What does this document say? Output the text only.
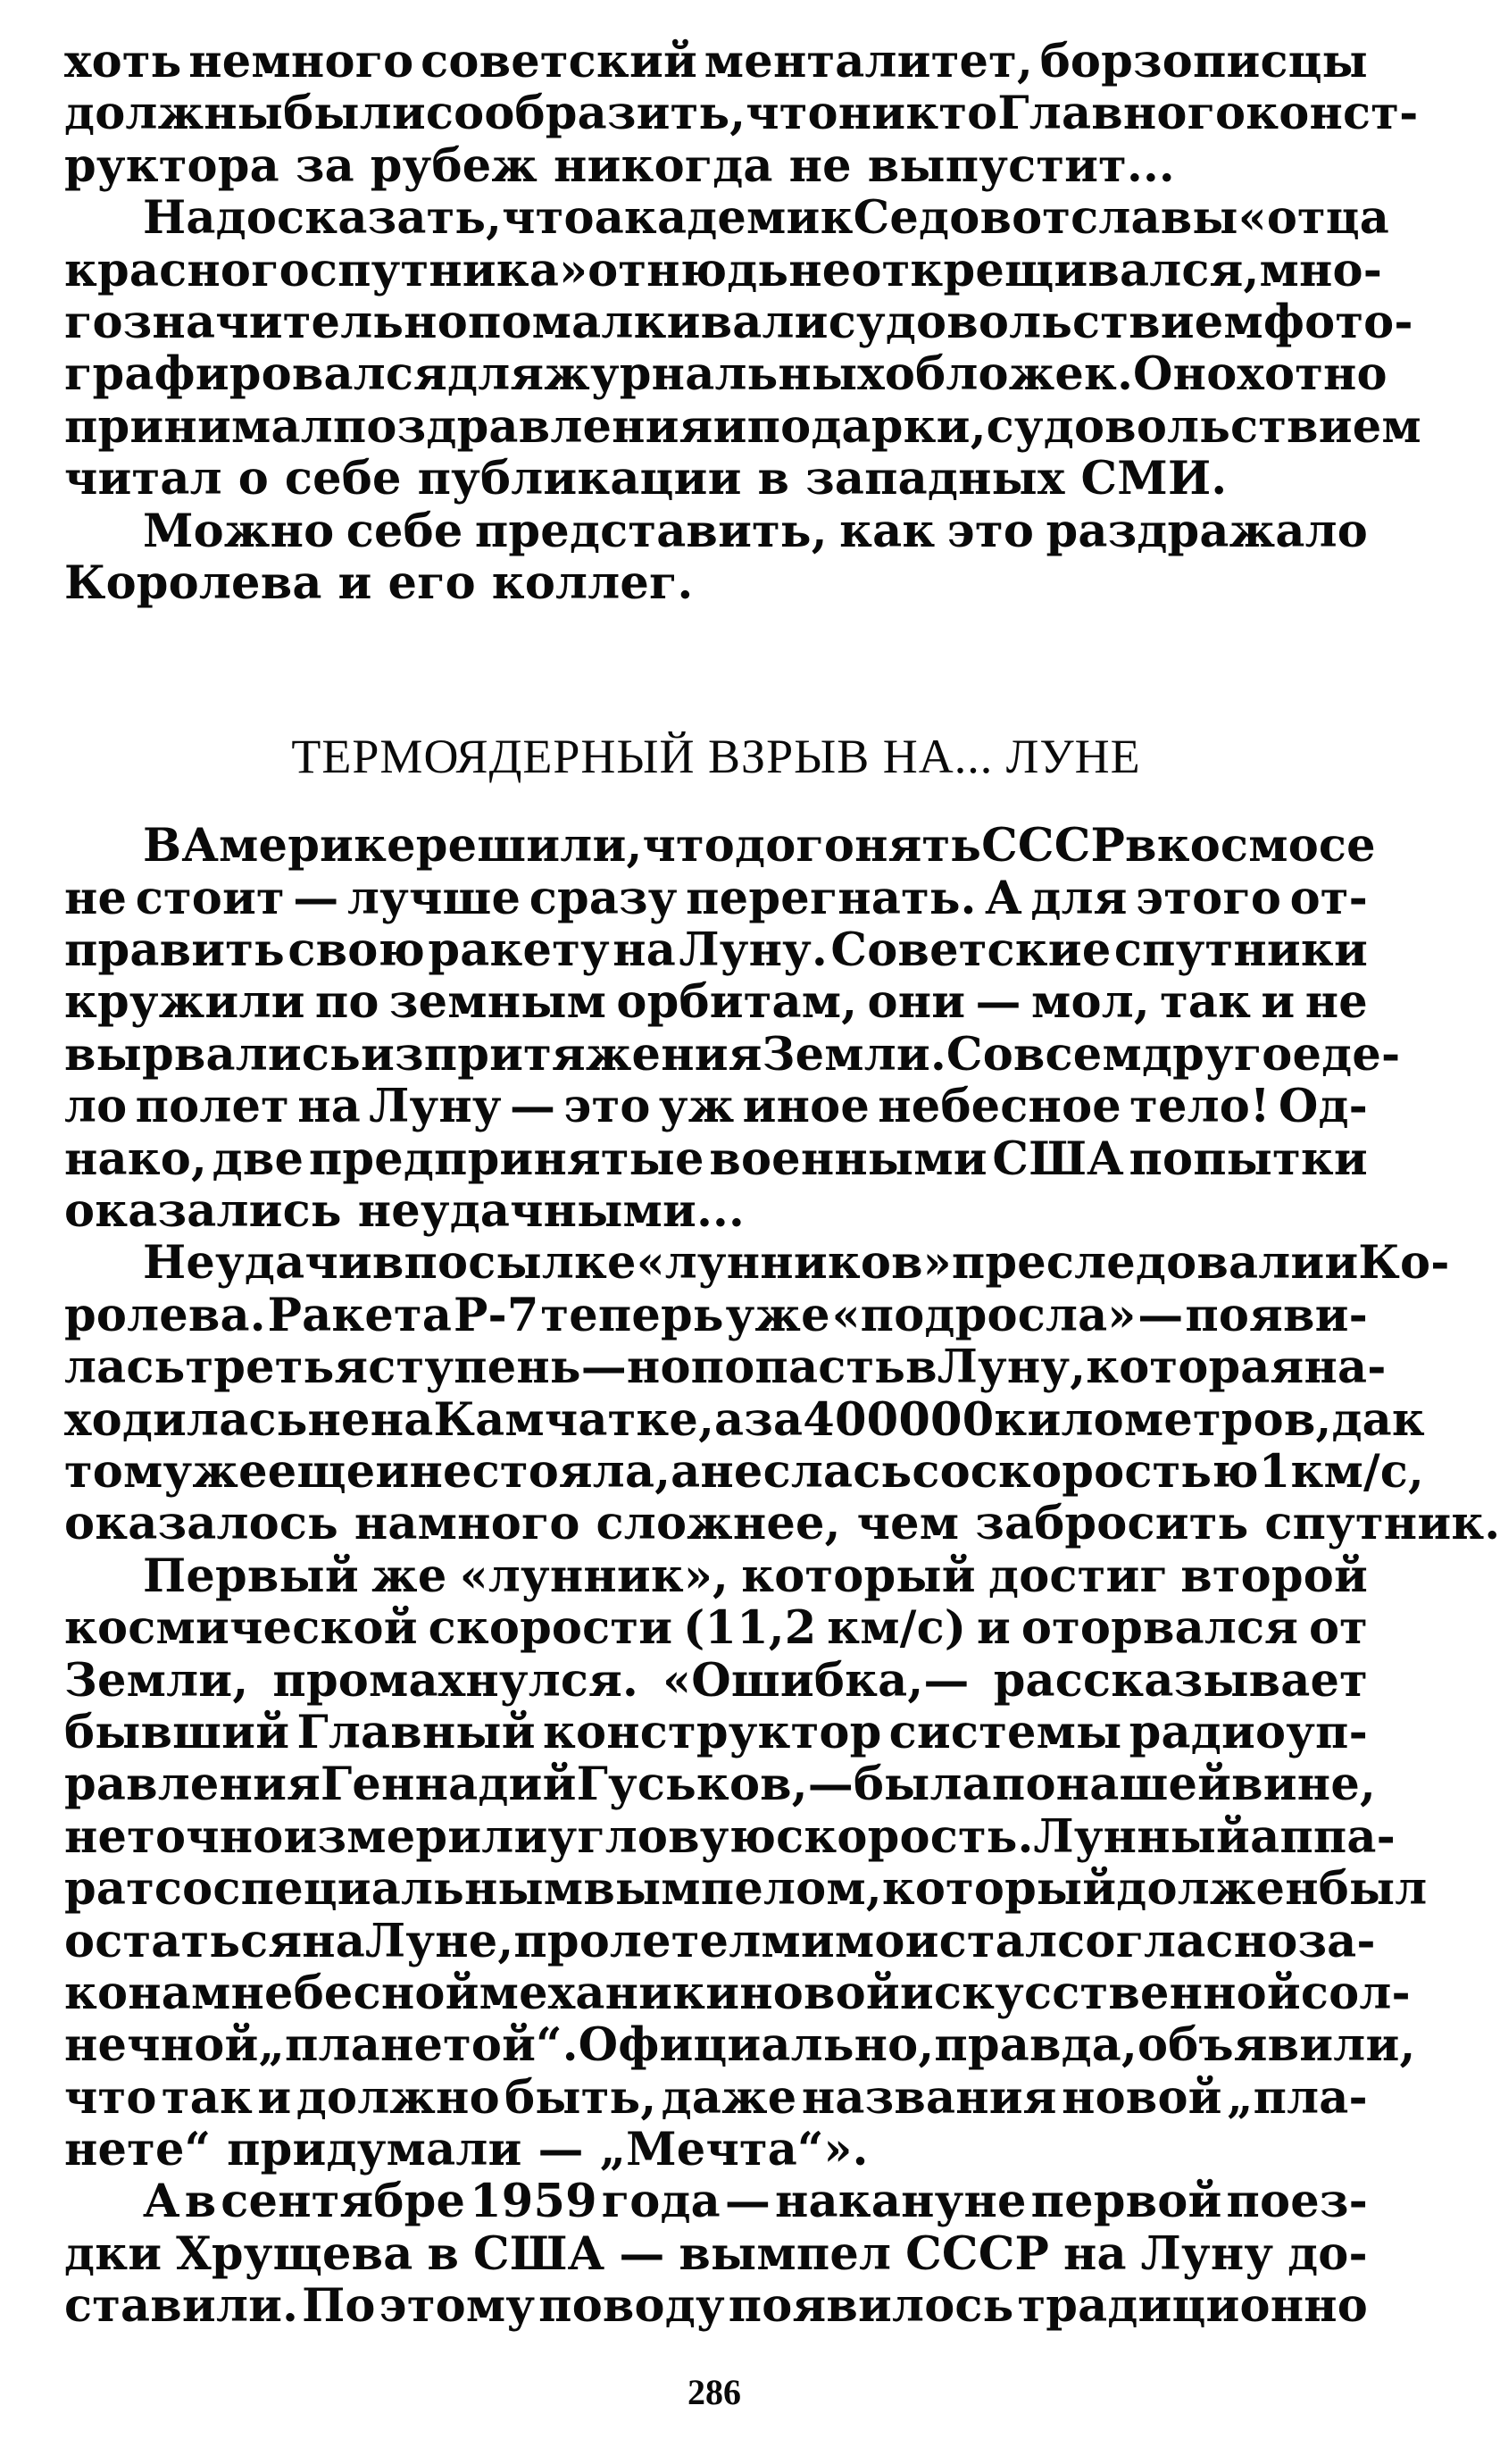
хоть немного советский менталитет, борзописцы
должны были сообразить, что никто Главного конст-
руктора за рубеж никогда не выпустит...
Надо сказать, что академик Седов от славы «отца
красного спутника» отнюдь не открещивался, мно-
гозначительно помалкивал и с удовольствием фото-
графировался для журнальных обложек. Он охотно
принимал поздравления и подарки, с удовольствием
читал о себе публикации в западных СМИ.
Можно себе представить, как это раздражало
Королева и его коллег.
ТЕРМОЯДЕРНЫЙ ВЗРЫВ НА... ЛУНЕ
В Америке решили, что догонять СССР в космосе
не стоит — лучше сразу перегнать. А для этого от-
править свою ракету на Луну. Советские спутники
кружили по земным орбитам, они — мол, так и не
вырвались из притяжения Земли. Совсем другое де-
ло полет на Луну — это уж иное небесное тело! Од-
нако, две предпринятые военными США попытки
оказались неудачными...
Неудачи в посылке «лунников» преследовали и Ко-
ролева. Ракета Р-7 теперь уже «подросла» — появи-
лась третья ступень — но попасть в Луну, которая на-
ходилась не на Камчатке, а за 400 000 километров, да к
тому же еще и не стояла, а неслась со скоростью 1 км/с,
оказалось намного сложнее, чем забросить спутник.
Первый же «лунник», который достиг второй
космической скорости (11,2 км/с) и оторвался от
Земли, промахнулся. «Ошибка,— рассказывает
бывший Главный конструктор системы радиоуп-
равления Геннадий Гуськов,— была по нашей вине,
неточно измерили угловую скорость. Лунный аппа-
рат со специальным вымпелом, который должен был
остаться на Луне, пролетел мимо и стал согласно за-
конам небесной механики новой искусственной сол-
нечной „планетой“. Официально, правда, объявили,
что так и должно быть, даже названия новой „пла-
нете“ придумали — „Мечта“».
А в сентябре 1959 года — накануне первой поез-
дки Хрущева в США — вымпел СССР на Луну до-
ставили. По этому поводу появилось традиционно
286
